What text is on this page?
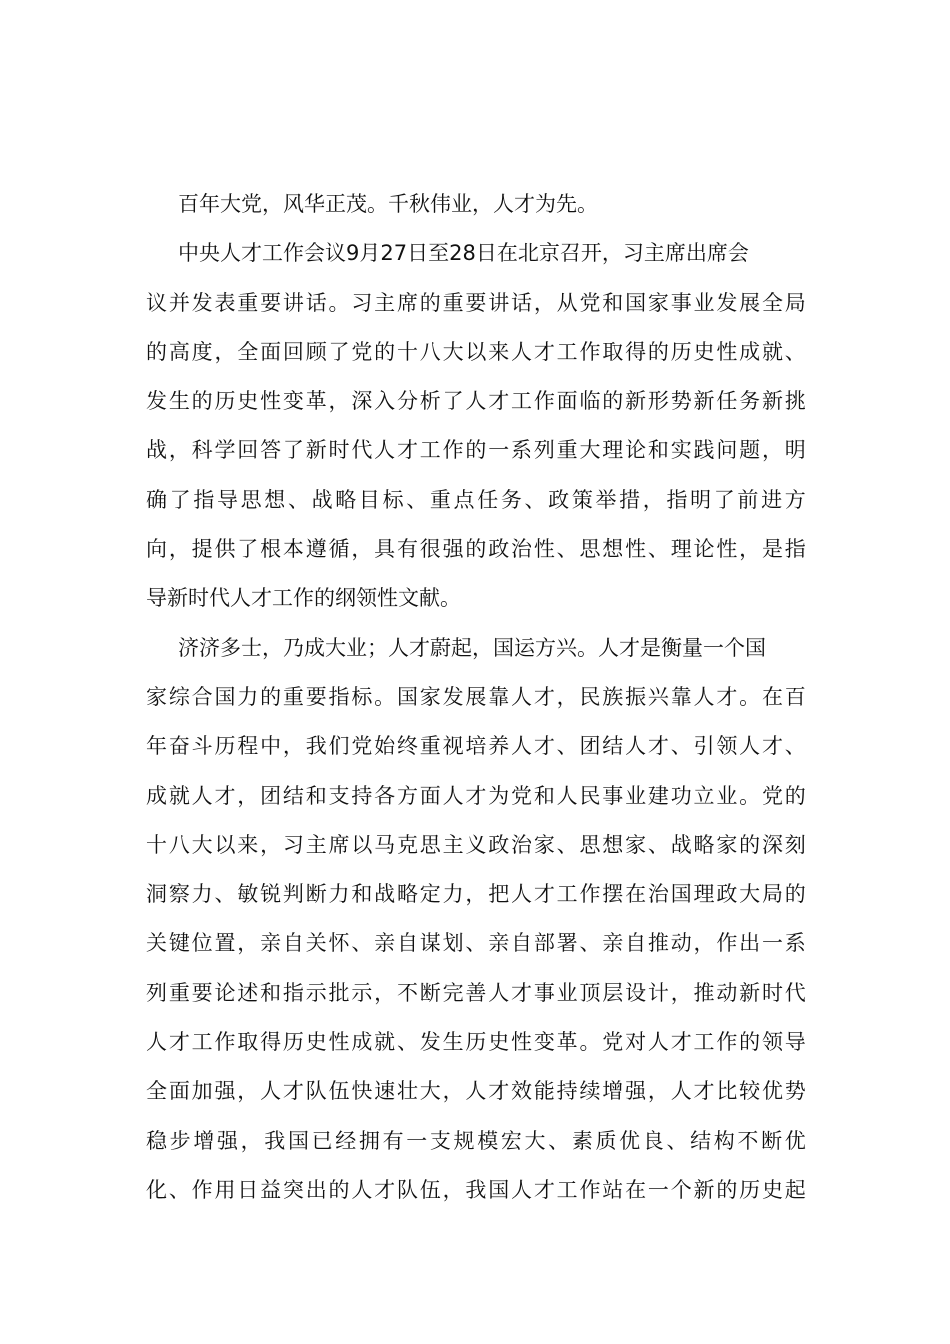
百年大党，风华正茂。千秋伟业，人才为先。
中 央 人 才 工 作 会 议 9 月 27 日 至 28 日 在 北 京 召 开 ， 习 主 席 出 席 会
议 并 发 表 重 要 讲 话 。 习 主 席 的 重 要 讲 话 ， 从 党 和 国 家 事 业 发 展 全 局
的 高 度 ， 全 面 回 顾 了 党 的 十 八 大 以 来 人 才 工 作 取 得 的 历 史 性 成 就 、
发 生 的 历 史 性 变 革 ， 深 入 分 析 了 人 才 工 作 面 临 的 新 形 势 新 任 务 新 挑
战 ， 科 学 回 答 了 新 时 代 人 才 工 作 的 一 系 列 重 大 理 论 和 实 践 问 题 ， 明
确 了 指 导 思 想 、 战 略 目 标 、 重 点 任 务 、 政 策 举 措 ， 指 明 了 前 进 方
向 ， 提 供 了 根 本 遵 循 ， 具 有 很 强 的 政 治 性 、 思 想 性 、 理 论 性 ， 是 指
导新时代人才工作的纲领性文献。
济 济 多 士 ， 乃 成 大 业 ； 人 才 蔚 起 ， 国 运 方 兴 。 人 才 是 衡 量 一 个 国
家 综 合 国 力 的 重 要 指 标 。 国 家 发 展 靠 人 才 ， 民 族 振 兴 靠 人 才 。 在 百
年 奋 斗 历 程 中 ， 我 们 党 始 终 重 视 培 养 人 才 、 团 结 人 才 、 引 领 人 才 、
成 就 人 才 ， 团 结 和 支 持 各 方 面 人 才 为 党 和 人 民 事 业 建 功 立 业 。 党 的
十 八 大 以 来 ， 习 主 席 以 马 克 思 主 义 政 治 家 、 思 想 家 、 战 略 家 的 深 刻
洞 察 力 、 敏 锐 判 断 力 和 战 略 定 力 ， 把 人 才 工 作 摆 在 治 国 理 政 大 局 的
关 键 位 置 ， 亲 自 关 怀 、 亲 自 谋 划 、 亲 自 部 署 、 亲 自 推 动 ， 作 出 一 系
列 重 要 论 述 和 指 示 批 示 ， 不 断 完 善 人 才 事 业 顶 层 设 计 ， 推 动 新 时 代
人 才 工 作 取 得 历 史 性 成 就 、 发 生 历 史 性 变 革 。 党 对 人 才 工 作 的 领 导
全 面 加 强 ， 人 才 队 伍 快 速 壮 大 ， 人 才 效 能 持 续 增 强 ， 人 才 比 较 优 势
稳 步 增 强 ， 我 国 已 经 拥 有 一 支 规 模 宏 大 、 素 质 优 良 、 结 构 不 断 优
化 、 作 用 日 益 突 出 的 人 才 队 伍 ， 我 国 人 才 工 作 站 在 一 个 新 的 历 史 起
